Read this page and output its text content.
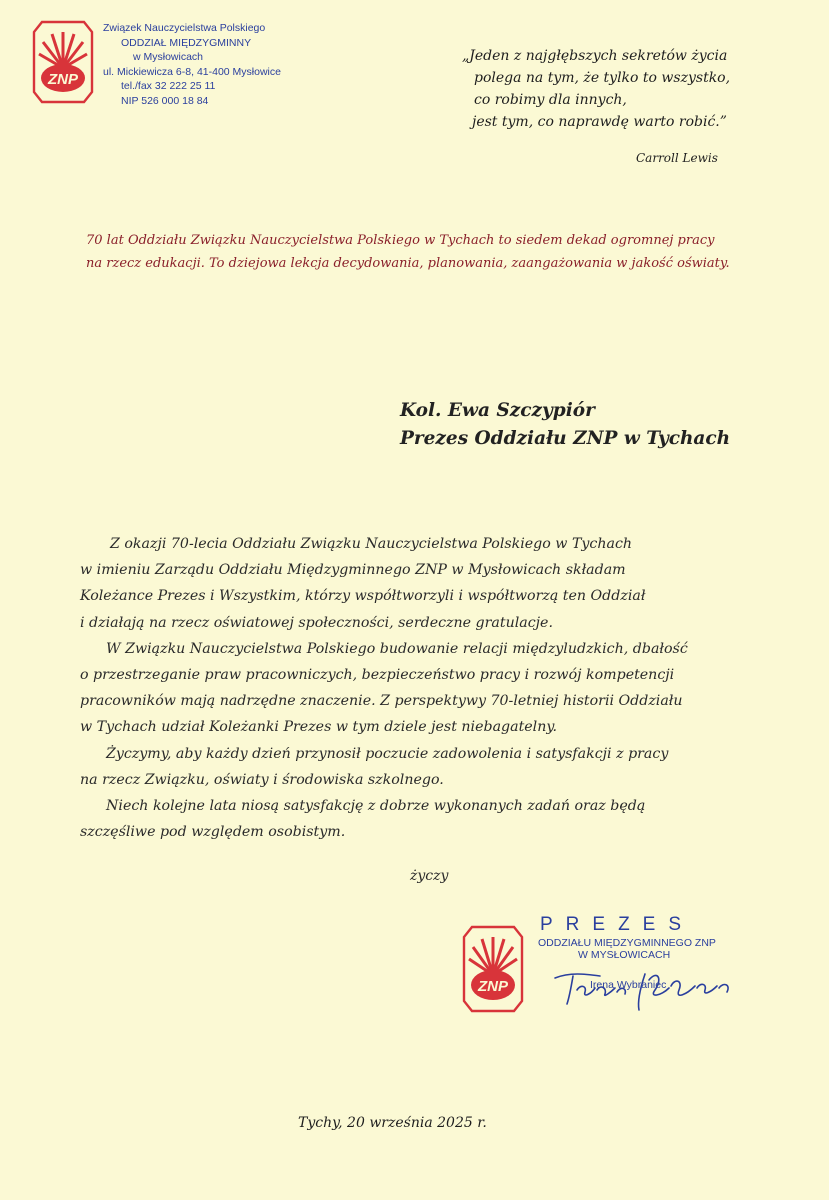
ZNP
Związek Nauczycielstwa Polskiego
ODDZIAŁ MIĘDZYGMINNY
w Mysłowicach
ul. Mickiewicza 6-8, 41-400 Mysłowice
tel./fax 32 222 25 11
NIP 526 000 18 84
„Jeden z najgłębszych sekretów życia
polega na tym, że tylko to wszystko,
co robimy dla innych,
jest tym, co naprawdę warto robić.”
Carroll Lewis
70 lat Oddziału Związku Nauczycielstwa Polskiego w Tychach to siedem dekad ogromnej pracy
na rzecz edukacji. To dziejowa lekcja decydowania, planowania, zaangażowania w jakość oświaty.
Kol. Ewa Szczypiór
Prezes Oddziału ZNP w Tychach
Z okazji 70-lecia Oddziału Związku Nauczycielstwa Polskiego w Tychach
w imieniu Zarządu Oddziału Międzygminnego ZNP w Mysłowicach składam
Koleżance Prezes i Wszystkim, którzy współtworzyli i współtworzą ten Oddział
i działają na rzecz oświatowej społeczności, serdeczne gratulacje.
W Związku Nauczycielstwa Polskiego budowanie relacji międzyludzkich, dbałość
o przestrzeganie praw pracowniczych, bezpieczeństwo pracy i rozwój kompetencji
pracowników mają nadrzędne znaczenie. Z perspektywy 70-letniej historii Oddziału
w Tychach udział Koleżanki Prezes w tym dziele jest niebagatelny.
Życzymy, aby każdy dzień przynosił poczucie zadowolenia i satysfakcji z pracy
na rzecz Związku, oświaty i środowiska szkolnego.
Niech kolejne lata niosą satysfakcję z dobrze wykonanych zadań oraz będą
szczęśliwe pod względem osobistym.
życzy
ZNP
PREZES
ODDZIAŁU MIĘDZYGMINNEGO ZNP
W MYSŁOWICACH
Irena Wybraniec
Tychy, 20 września 2025 r.
